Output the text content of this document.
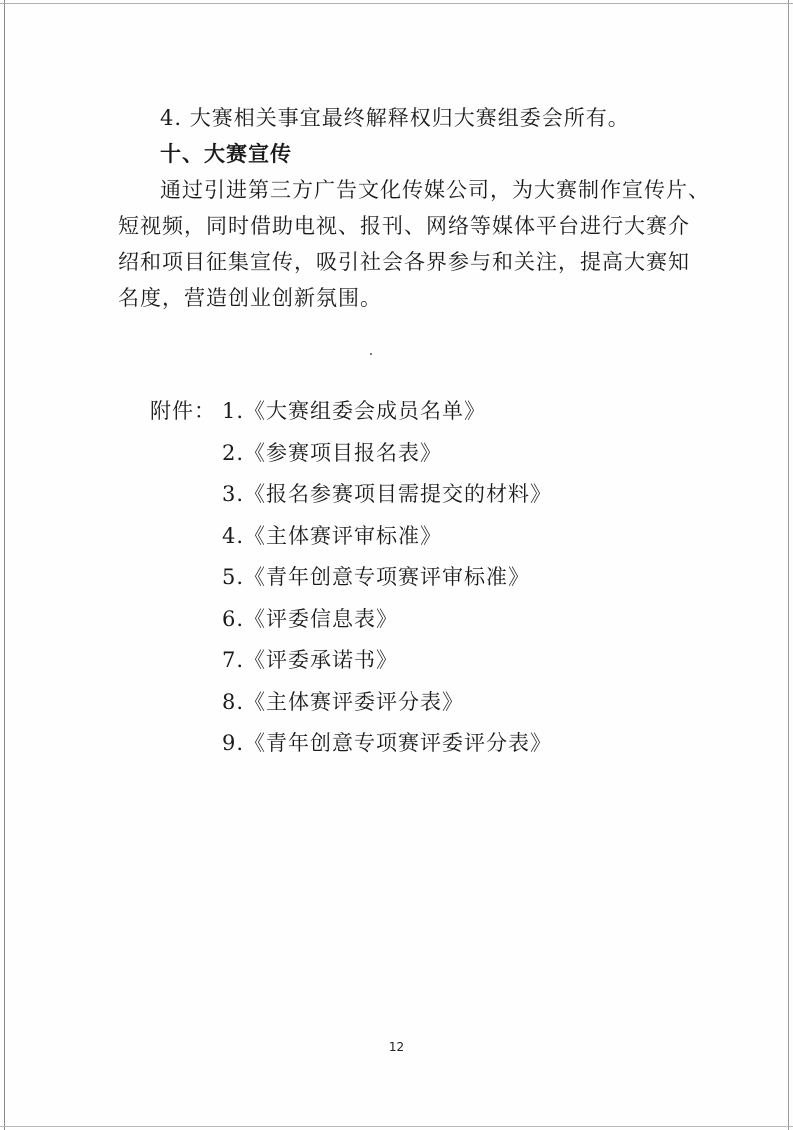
4. 大赛相关事宜最终解释权归大赛组委会所有。
十、大赛宣传
通过引进第三方广告文化传媒公司，为大赛制作宣传片、
短视频，同时借助电视、报刊、网络等媒体平台进行大赛介
绍和项目征集宣传，吸引社会各界参与和关注，提高大赛知
名度，营造创业创新氛围。
附件： 1.《大赛组委会成员名单》
2.《参赛项目报名表》
3.《报名参赛项目需提交的材料》
4.《主体赛评审标准》
5.《青年创意专项赛评审标准》
6.《评委信息表》
7.《评委承诺书》
8.《主体赛评委评分表》
9.《青年创意专项赛评委评分表》
12
